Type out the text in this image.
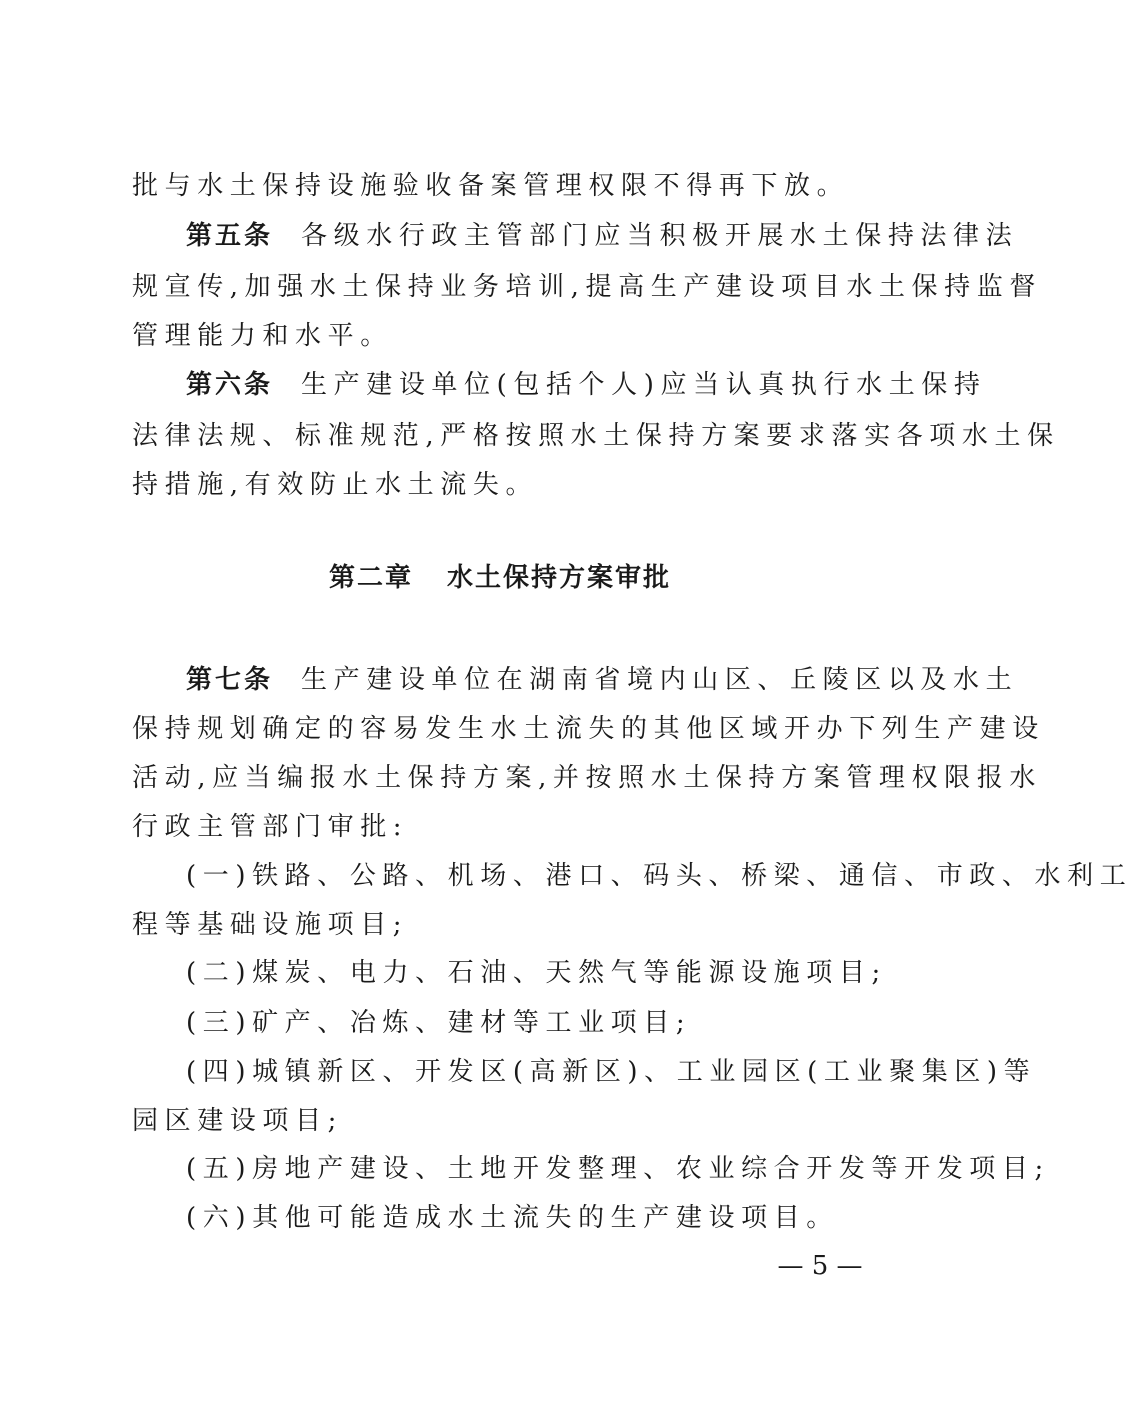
批与水土保持设施验收备案管理权限不得再下放。
第五条 各级水行政主管部门应当积极开展水土保持法律法
规宣传,加强水土保持业务培训,提高生产建设项目水土保持监督
管理能力和水平。
第六条 生产建设单位(包括个人)应当认真执行水土保持
法律法规、标准规范,严格按照水土保持方案要求落实各项水土保
持措施,有效防止水土流失。
第二章 水土保持方案审批
第七条 生产建设单位在湖南省境内山区、丘陵区以及水土
保持规划确定的容易发生水土流失的其他区域开办下列生产建设
活动,应当编报水土保持方案,并按照水土保持方案管理权限报水
行政主管部门审批:
(一)铁路、公路、机场、港口、码头、桥梁、通信、市政、水利工
程等基础设施项目;
(二)煤炭、电力、石油、天然气等能源设施项目;
(三)矿产、冶炼、建材等工业项目;
(四)城镇新区、开发区(高新区)、工业园区(工业聚集区)等
园区建设项目;
(五)房地产建设、土地开发整理、农业综合开发等开发项目;
(六)其他可能造成水土流失的生产建设项目。
— 5 —
